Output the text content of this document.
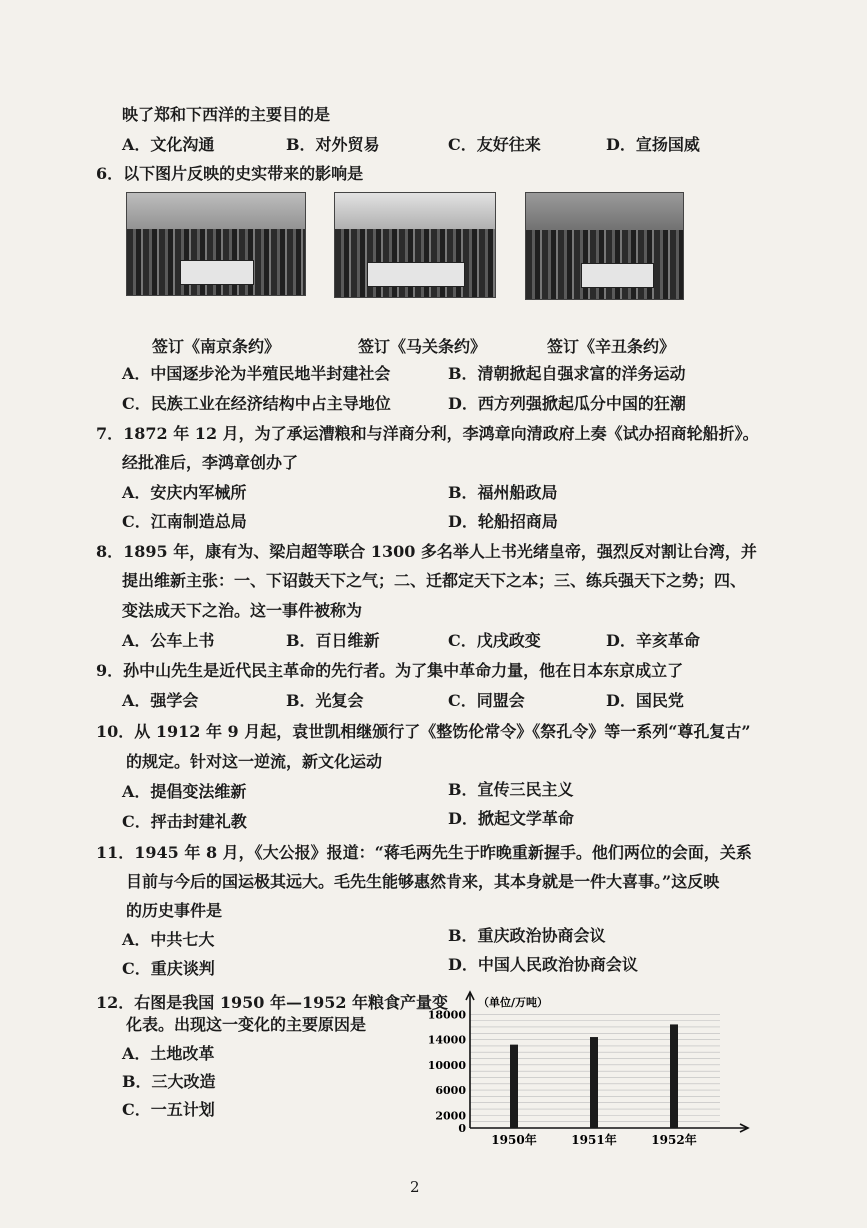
映了郑和下西洋的主要目的是
A．文化沟通	B．对外贸易	C．友好往来	D．宣扬国威
6．以下图片反映的史实带来的影响是
签订《南京条约》	签订《马关条约》	签订《辛丑条约》
A．中国逐步沦为半殖民地半封建社会	B．清朝掀起自强求富的洋务运动
C．民族工业在经济结构中占主导地位	D．西方列强掀起瓜分中国的狂潮
7．1872 年 12 月，为了承运漕粮和与洋商分利，李鸿章向清政府上奏《试办招商轮船折》。
经批准后，李鸿章创办了
A．安庆内军械所	B．福州船政局
C．江南制造总局	D．轮船招商局
8．1895 年，康有为、梁启超等联合 1300 多名举人上书光绪皇帝，强烈反对割让台湾，并
提出维新主张：一、下诏鼓天下之气；二、迁都定天下之本；三、练兵强天下之势；四、
变法成天下之治。这一事件被称为
A．公车上书	B．百日维新	C．戊戌政变	D．辛亥革命
9．孙中山先生是近代民主革命的先行者。为了集中革命力量，他在日本东京成立了
A．强学会	B．光复会	C．同盟会	D．国民党
10．从 1912 年 9 月起，袁世凯相继颁行了《整饬伦常令》《祭孔令》等一系列“尊孔复古”
的规定。针对这一逆流，新文化运动
A．提倡变法维新	B．宣传三民主义
C．抨击封建礼教	D．掀起文学革命
11．1945 年 8 月，《大公报》报道：“蒋毛两先生于昨晚重新握手。他们两位的会面，关系
目前与今后的国运极其远大。毛先生能够惠然肯来，其本身就是一件大喜事。”这反映
的历史事件是
A．中共七大	B．重庆政治协商会议
C．重庆谈判	D．中国人民政治协商会议
12．右图是我国 1950 年—1952 年粮食产量变
化表。出现这一变化的主要原因是
A．土地改革
B．三大改造
C．一五计划
0
2000
6000
10000
14000
18000
1950年	1951年	1952年
（单位/万吨）
2
